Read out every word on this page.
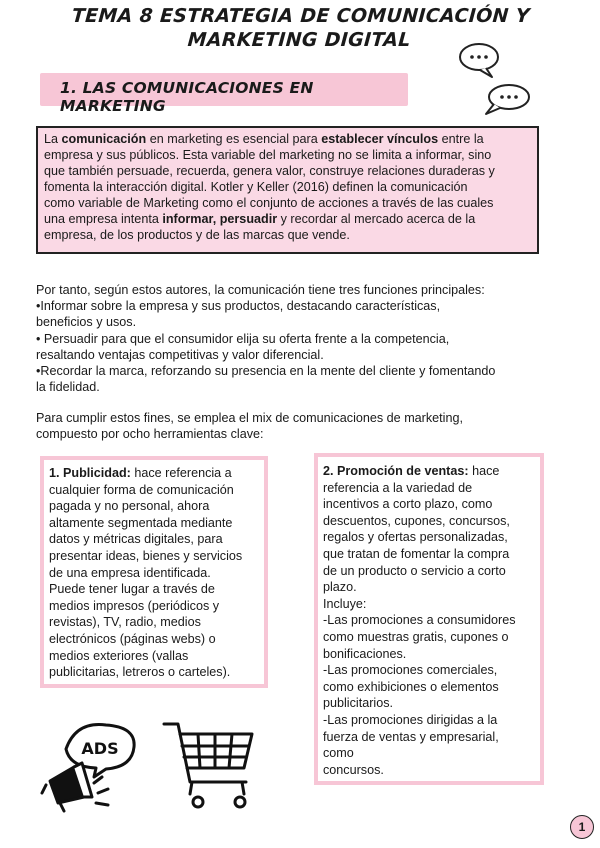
TEMA 8 ESTRATEGIA DE COMUNICACIÓN Y
MARKETING DIGITAL
1. LAS COMUNICACIONES EN MARKETING
La comunicación en marketing es esencial para establecer vínculos entre la
empresa y sus públicos. Esta variable del marketing no se limita a informar, sino
que también persuade, recuerda, genera valor, construye relaciones duraderas y
fomenta la interacción digital. Kotler y Keller (2016) definen la comunicación
como variable de Marketing como el conjunto de acciones a través de las cuales
una empresa intenta informar, persuadir y recordar al mercado acerca de la
empresa, de los productos y de las marcas que vende.
Por tanto, según estos autores, la comunicación tiene tres funciones principales:
•Informar sobre la empresa y sus productos, destacando características,
beneficios y usos.
• Persuadir para que el consumidor elija su oferta frente a la competencia,
resaltando ventajas competitivas y valor diferencial.
•Recordar la marca, reforzando su presencia en la mente del cliente y fomentando
la fidelidad.
Para cumplir estos fines, se emplea el mix de comunicaciones de marketing,
compuesto por ocho herramientas clave:
1. Publicidad: hace referencia a
cualquier forma de comunicación
pagada y no personal, ahora
altamente segmentada mediante
datos y métricas digitales, para
presentar ideas, bienes y servicios
de una empresa identificada.
Puede tener lugar a través de
medios impresos (periódicos y
revistas), TV, radio, medios
electrónicos (páginas webs) o
medios exteriores (vallas
publicitarias, letreros o carteles).
2. Promoción de ventas: hace
referencia a la variedad de
incentivos a corto plazo, como
descuentos, cupones, concursos,
regalos y ofertas personalizadas,
que tratan de fomentar la compra
de un producto o servicio a corto
plazo.
Incluye:
-Las promociones a consumidores
como muestras gratis, cupones o
bonificaciones.
-Las promociones comerciales,
como exhibiciones o elementos
publicitarios.
-Las promociones dirigidas a la
fuerza de ventas y empresarial,
como
concursos.
ADS
1
